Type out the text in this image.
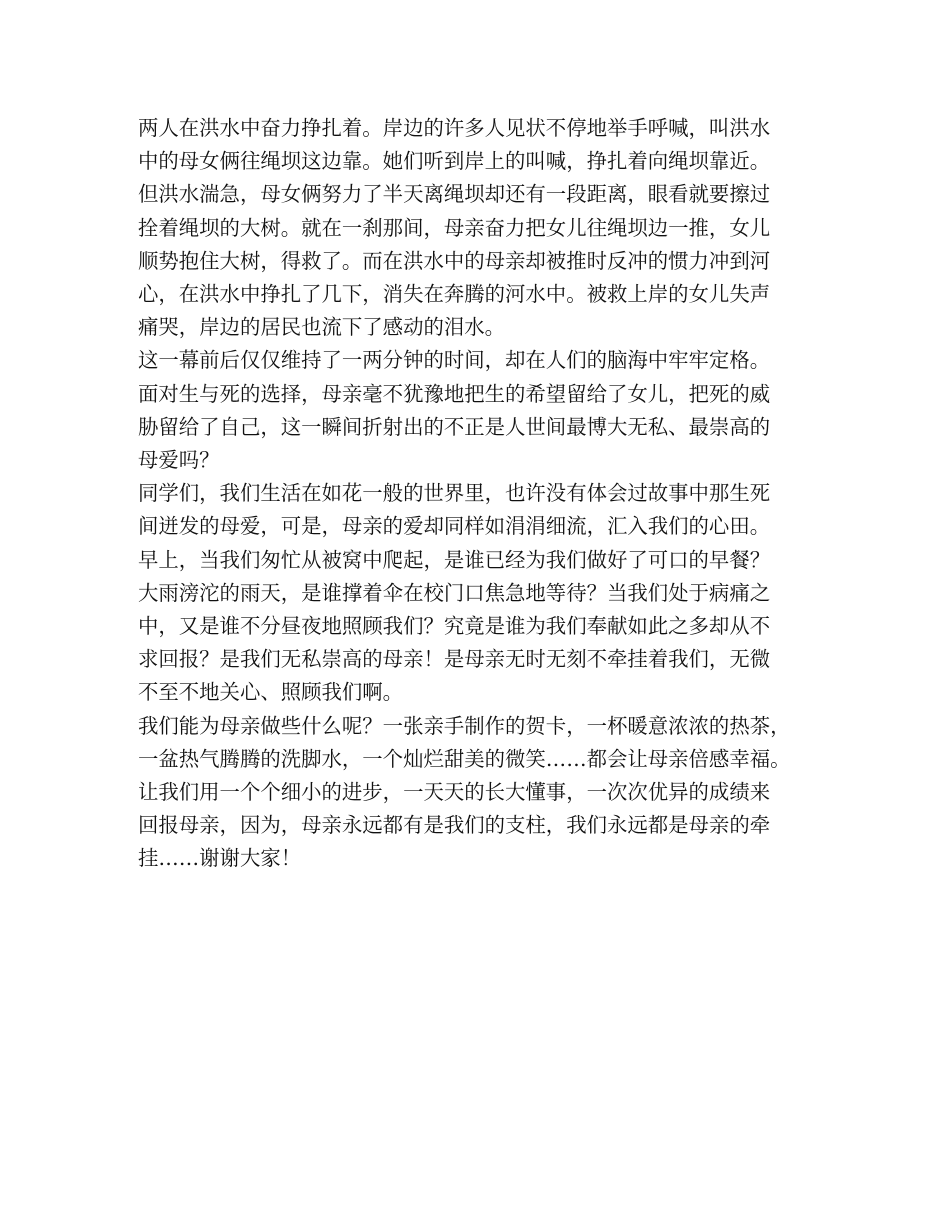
两人在洪水中奋力挣扎着。岸边的许多人见状不停地举手呼喊，叫洪水
中的母女俩往绳坝这边靠。她们听到岸上的叫喊，挣扎着向绳坝靠近。
但洪水湍急，母女俩努力了半天离绳坝却还有一段距离，眼看就要擦过
拴着绳坝的大树。就在一刹那间，母亲奋力把女儿往绳坝边一推，女儿
顺势抱住大树，得救了。而在洪水中的母亲却被推时反冲的惯力冲到河
心，在洪水中挣扎了几下，消失在奔腾的河水中。被救上岸的女儿失声
痛哭，岸边的居民也流下了感动的泪水。
这一幕前后仅仅维持了一两分钟的时间，却在人们的脑海中牢牢定格。
面对生与死的选择，母亲毫不犹豫地把生的希望留给了女儿，把死的威
胁留给了自己，这一瞬间折射出的不正是人世间最博大无私、最崇高的
母爱吗？
同学们，我们生活在如花一般的世界里，也许没有体会过故事中那生死
间迸发的母爱，可是，母亲的爱却同样如涓涓细流，汇入我们的心田。
早上，当我们匆忙从被窝中爬起，是谁已经为我们做好了可口的早餐？
大雨滂沱的雨天，是谁撑着伞在校门口焦急地等待？当我们处于病痛之
中，又是谁不分昼夜地照顾我们？究竟是谁为我们奉献如此之多却从不
求回报？是我们无私崇高的母亲！是母亲无时无刻不牵挂着我们，无微
不至不地关心、照顾我们啊。
我们能为母亲做些什么呢？一张亲手制作的贺卡，一杯暖意浓浓的热茶，
一盆热气腾腾的洗脚水，一个灿烂甜美的微笑……都会让母亲倍感幸福。
让我们用一个个细小的进步，一天天的长大懂事，一次次优异的成绩来
回报母亲，因为，母亲永远都有是我们的支柱，我们永远都是母亲的牵
挂……谢谢大家！
